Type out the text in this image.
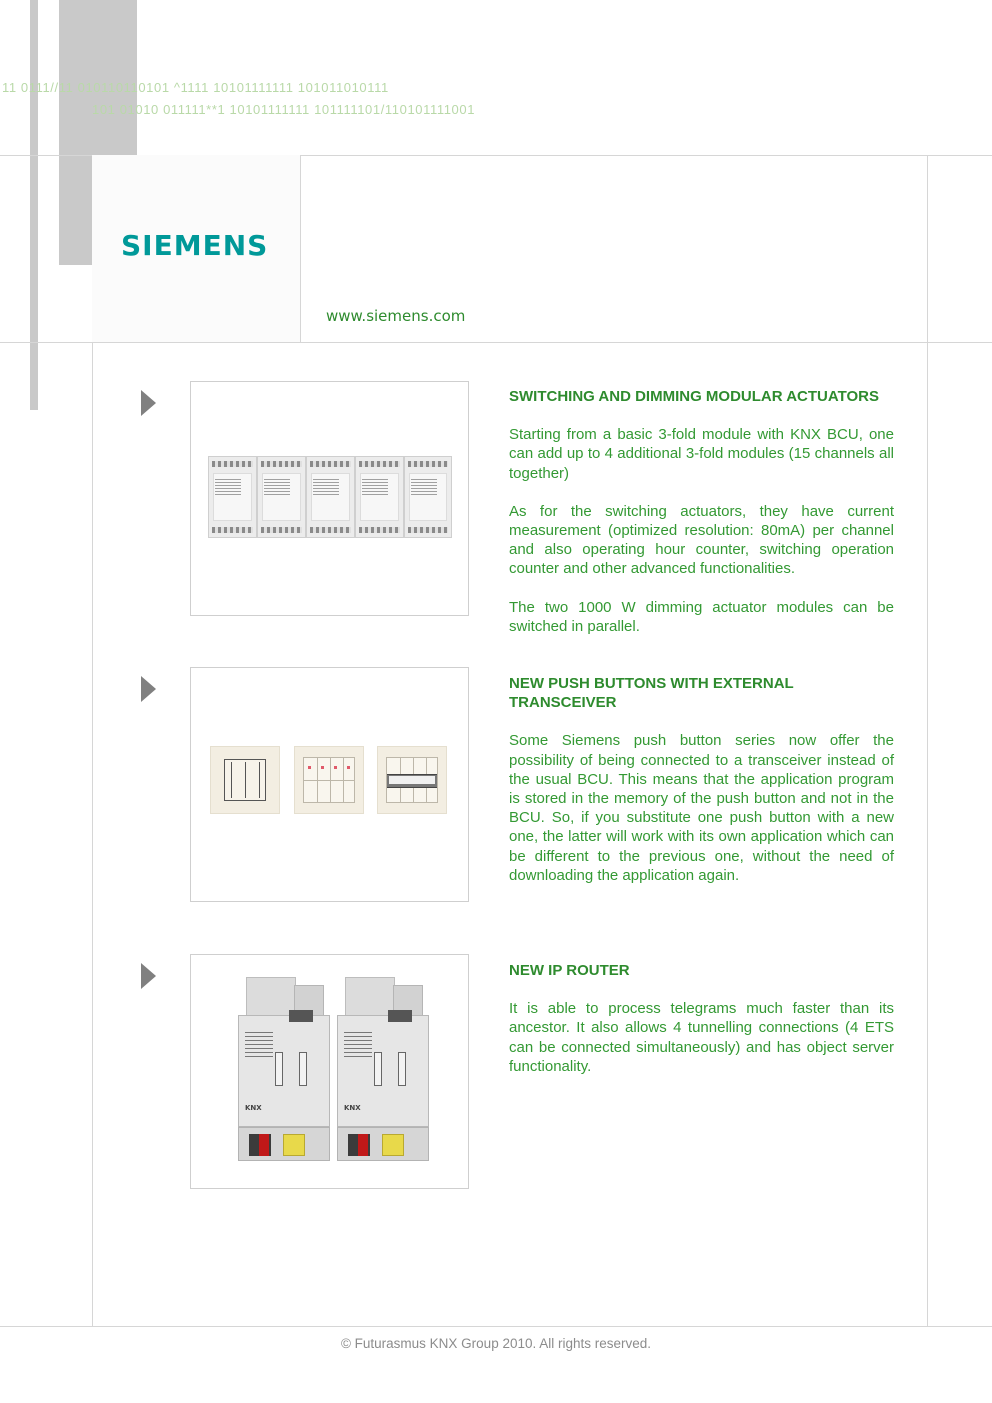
11 0111//11 010110110101 ^1111 10101111111 101011010111
101 01010 011111**1 10101111111 101111101/110101111001
SIEMENS
www.siemens.com
SWITCHING AND DIMMING MODULAR ACTUATORS

Starting from a basic 3-fold module with KNX BCU, one can add up to 4 additional 3-fold modules (15 channels all together)

As for the switching actuators, they have current measurement (optimized resolution: 80mA) per channel and also operating hour counter, switching operation counter and other advanced functionalities.

The two 1000 W dimming actuator modules can be switched in parallel.

NEW PUSH BUTTONS WITH EXTERNAL TRANSCEIVER

Some Siemens push button series now offer the possibility of being connected to a transceiver instead of the usual BCU. This means that the application program is stored in the memory of the push button and not in the BCU. So, if you substitute one push button with a new one, the latter will work with its own application which can be different to the previous one, without the need of downloading the application again.

KNX	KNX
NEW IP ROUTER

It is able to process telegrams much faster than its ancestor. It also allows 4 tunnelling connections (4 ETS can be connected simultaneously) and has object server functionality.

© Futurasmus KNX Group 2010. All rights reserved.
